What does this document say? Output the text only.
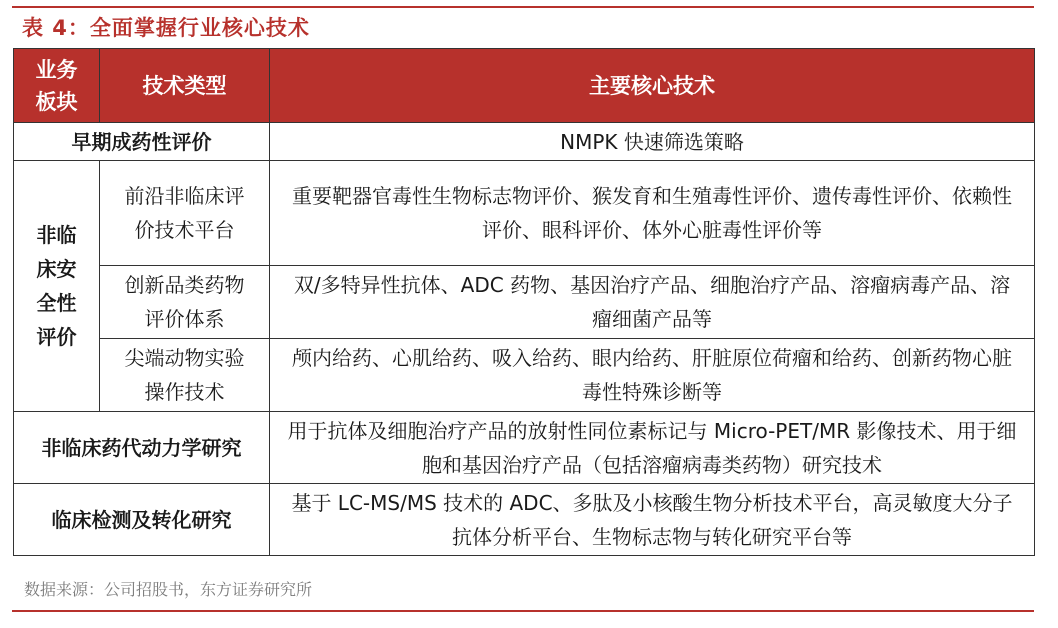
表 4：全面掌握行业核心技术
业务板块	技术类型	主要核心技术
早期成药性评价		NMPK 快速筛选策略

非临床安全性评价	前沿非临床评价技术平台	重要靶器官毒性生物标志物评价、猴发育和生殖毒性评价、遗传毒性评价、依赖性评价、眼科评价、体外心脏毒性评价等

	创新品类药物评价体系	双/多特异性抗体、ADC 药物、基因治疗产品、细胞治疗产品、溶瘤病毒产品、溶瘤细菌产品等

	尖端动物实验操作技术	颅内给药、心肌给药、吸入给药、眼内给药、肝脏原位荷瘤和给药、创新药物心脏毒性特殊诊断等

非临床药代动力学研究		用于抗体及细胞治疗产品的放射性同位素标记与 Micro-PET/MR 影像技术、用于细胞和基因治疗产品（包括溶瘤病毒类药物）研究技术

临床检测及转化研究		基于 LC-MS/MS 技术的 ADC、多肽及小核酸生物分析技术平台，高灵敏度大分子抗体分析平台、生物标志物与转化研究平台等
数据来源：公司招股书，东方证券研究所
